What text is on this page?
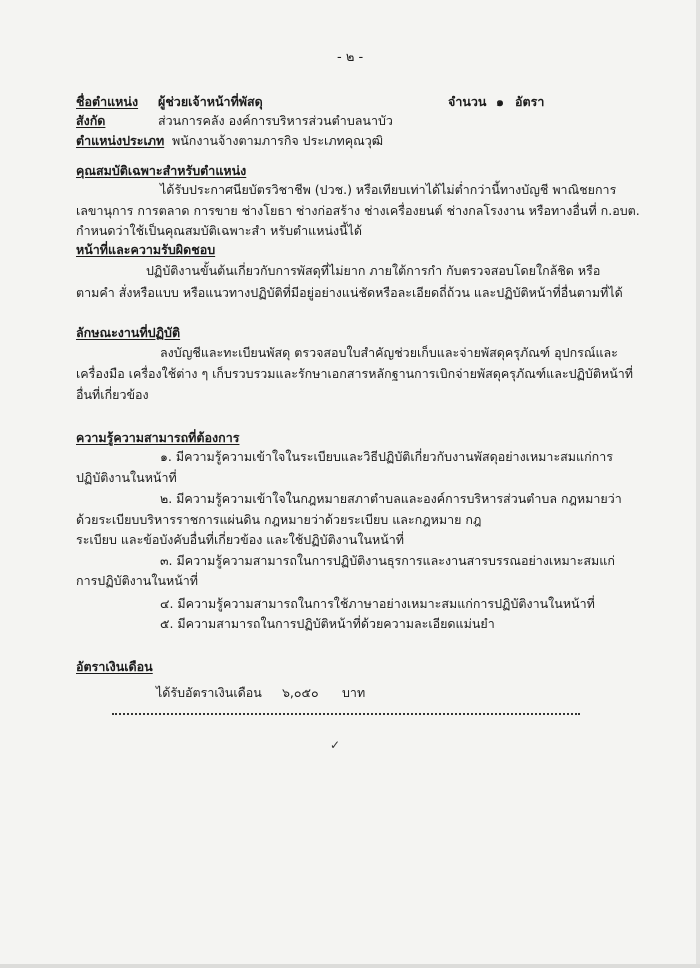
- ๒ -
ชื่อตำแหน่ง ผู้ช่วยเจ้าหน้าที่พัสดุ	จำนวน ๑ อัตรา
สังกัด	ส่วนการคลัง องค์การบริหารส่วนตำบลนาบัว
ตำแหน่งประเภท พนักงานจ้างตามภารกิจ ประเภทคุณวุฒิ
คุณสมบัติเฉพาะสำหรับตำแหน่ง
ได้รับประกาศนียบัตรวิชาชีพ (ปวช.) หรือเทียบเท่าได้ไม่ต่ำกว่านี้ทางบัญชี พาณิชยการ
เลขานุการ การตลาด การขาย ช่างโยธา ช่างก่อสร้าง ช่างเครื่องยนต์ ช่างกลโรงงาน หรือทางอื่นที่ ก.อบต.
กำหนดว่าใช้เป็นคุณสมบัติเฉพาะสำ หรับตำแหน่งนี้ได้
หน้าที่และความรับผิดชอบ
ปฏิบัติงานขั้นต้นเกี่ยวกับการพัสดุที่ไม่ยาก ภายใต้การกำ กับตรวจสอบโดยใกล้ชิด หรือ
ตามคำ สั่งหรือแบบ หรือแนวทางปฏิบัติที่มีอยู่อย่างแน่ชัดหรือละเอียดถี่ถ้วน และปฏิบัติหน้าที่อื่นตามที่ได้
ลักษณะงานที่ปฏิบัติ
ลงบัญชีและทะเบียนพัสดุ ตรวจสอบใบสำคัญช่วยเก็บและจ่ายพัสดุครุภัณฑ์ อุปกรณ์และ
เครื่องมือ เครื่องใช้ต่าง ๆ เก็บรวบรวมและรักษาเอกสารหลักฐานการเบิกจ่ายพัสดุครุภัณฑ์และปฏิบัติหน้าที่
อื่นที่เกี่ยวข้อง
ความรู้ความสามารถที่ต้องการ
๑. มีความรู้ความเข้าใจในระเบียบและวิธีปฏิบัติเกี่ยวกับงานพัสดุอย่างเหมาะสมแก่การ
ปฏิบัติงานในหน้าที่
๒. มีความรู้ความเข้าใจในกฎหมายสภาตำบลและองค์การบริหารส่วนตำบล กฎหมายว่า
ด้วยระเบียบบริหารราชการแผ่นดิน กฎหมายว่าด้วยระเบียบ และกฎหมาย กฎ
ระเบียบ และข้อบังคับอื่นที่เกี่ยวข้อง และใช้ปฏิบัติงานในหน้าที่
๓. มีความรู้ความสามารถในการปฏิบัติงานธุรการและงานสารบรรณอย่างเหมาะสมแก่
การปฏิบัติงานในหน้าที่
๔. มีความรู้ความสามารถในการใช้ภาษาอย่างเหมาะสมแก่การปฏิบัติงานในหน้าที่
๕. มีความสามารถในการปฏิบัติหน้าที่ด้วยความละเอียดแม่นยำ
อัตราเงินเดือน
ได้รับอัตราเงินเดือน ๖,๐๕๐ บาท
✓
